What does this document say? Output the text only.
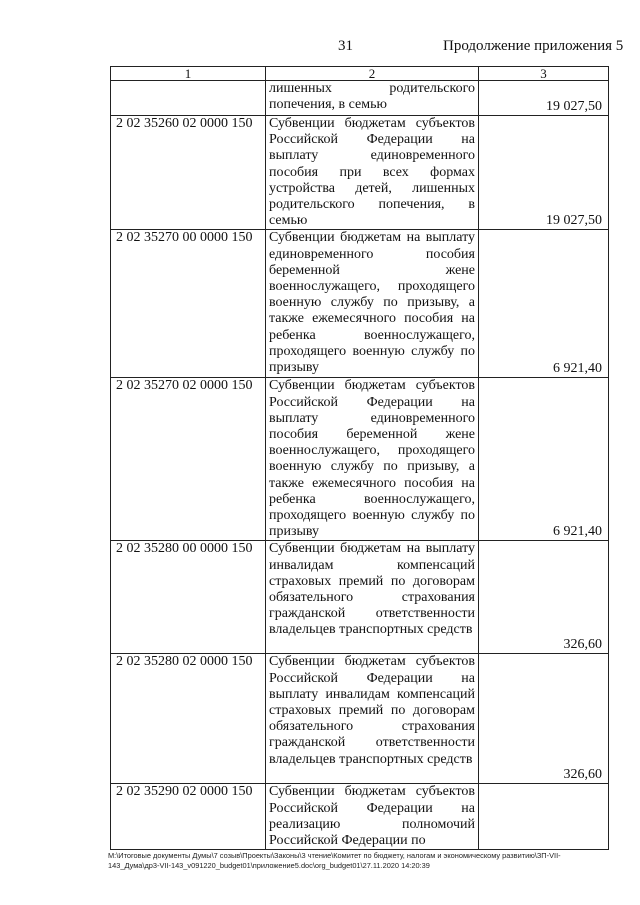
31	Продолжение приложения 5
1	2	3
	лишенных родительского попечения, в семью	19 027,50
2 02 35260 02 0000 150	Субвенции бюджетам субъектов Российской Федерации на выплату единовременного пособия при всех формах устройства детей, лишенных родительского попечения, в семью	19 027,50
2 02 35270 00 0000 150	Субвенции бюджетам на выплату единовременного пособия беременной жене военнослужащего, проходящего военную службу по призыву, а также ежемесячного пособия на ребенка военнослужащего, проходящего военную службу по призыву	6 921,40
2 02 35270 02 0000 150	Субвенции бюджетам субъектов Российской Федерации на выплату единовременного пособия беременной жене военнослужащего, проходящего военную службу по призыву, а также ежемесячного пособия на ребенка военнослужащего, проходящего военную службу по призыву	6 921,40
2 02 35280 00 0000 150	Субвенции бюджетам на выплату инвалидам компенсаций страховых премий по договорам обязательного страхования гражданской ответственности владельцев транспортных средств	326,60
2 02 35280 02 0000 150	Субвенции бюджетам субъектов Российской Федерации на выплату инвалидам компенсаций страховых премий по договорам обязательного страхования гражданской ответственности владельцев транспортных средств	326,60
2 02 35290 02 0000 150	Субвенции бюджетам субъектов Российской Федерации на реализацию полномочий Российской Федерации по	
М:\Итоговые документы Думы\7 созыв\Проекты\Законы\3 чтение\Комитет по бюджету, налогам и экономическому развитию\ЗП-VII-143_Дума\др3-VII-143_v091220_budget01\приложение5.doc\org_budget01\27.11.2020 14:20:39
